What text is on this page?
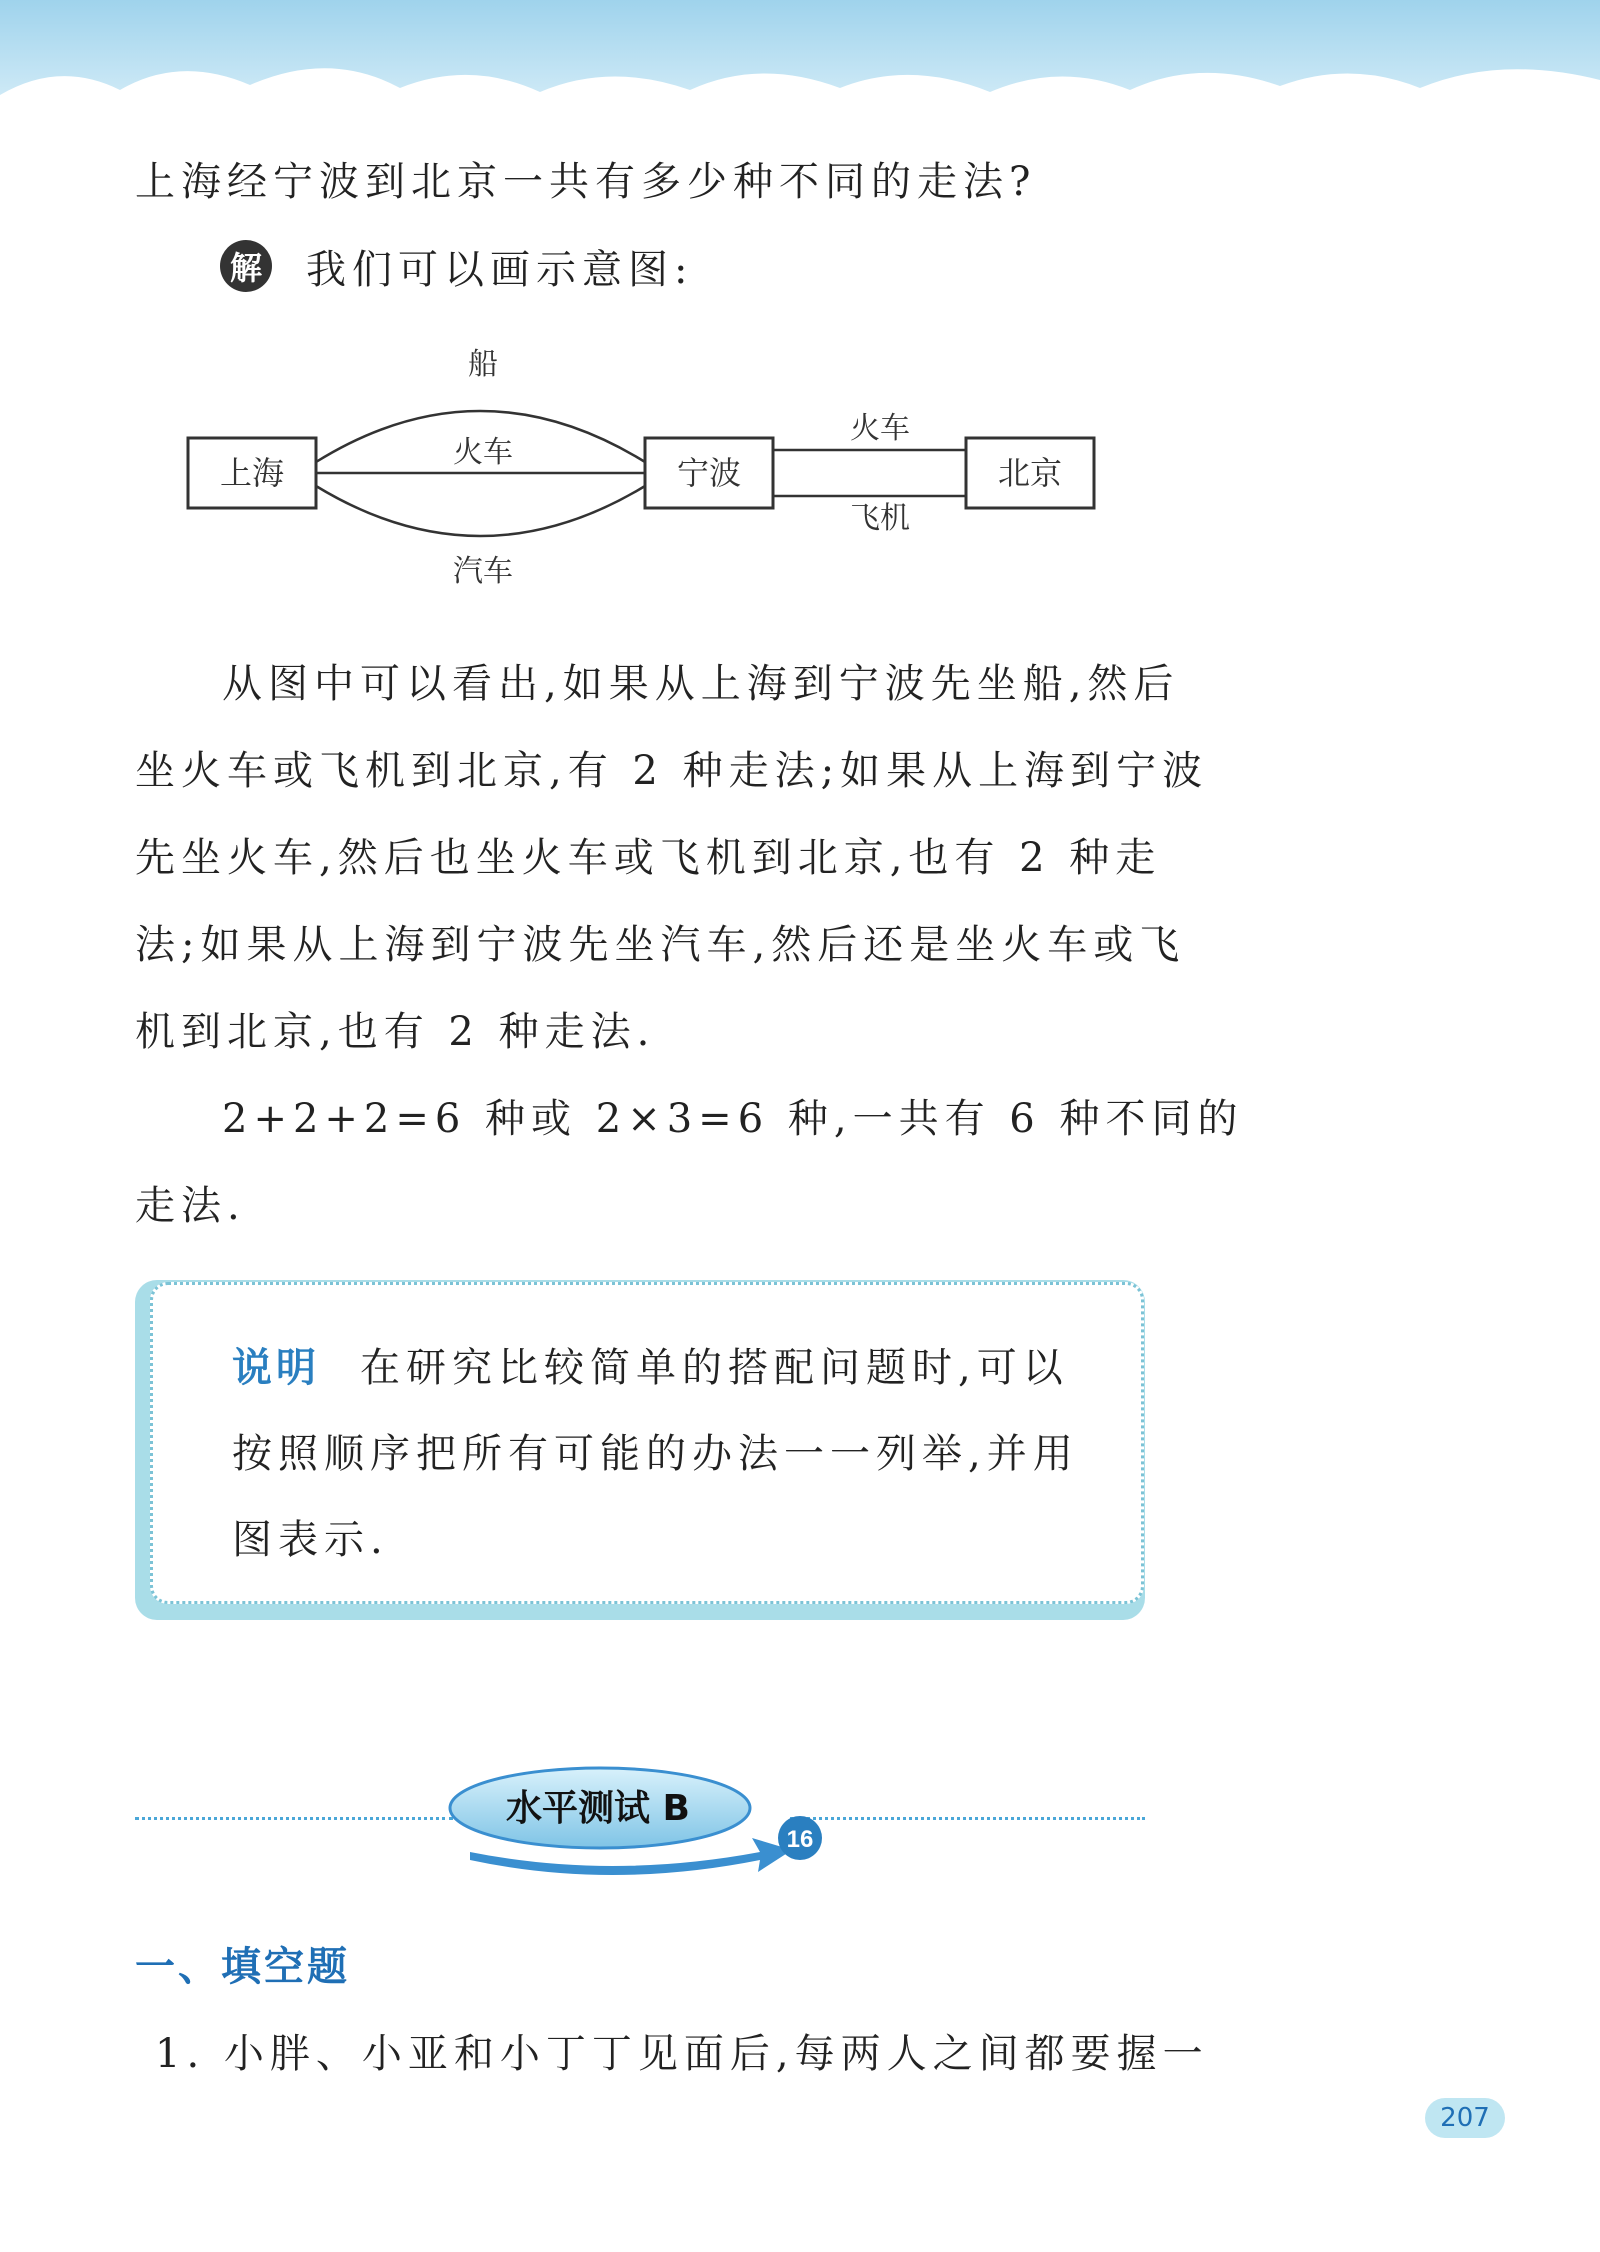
上海经宁波到北京一共有多少种不同的走法?

解 我们可以画示意图:
上海	宁波	北京
船
火车
汽车
火车
飞机

从图中可以看出,如果从上海到宁波先坐船,然后

坐火车或飞机到北京,有 2 种走法;如果从上海到宁波

先坐火车,然后也坐火车或飞机到北京,也有 2 种走

法;如果从上海到宁波先坐汽车,然后还是坐火车或飞

机到北京,也有 2 种走法.

2+2+2=6 种或 2×3=6 种,一共有 6 种不同的

走法.

说明 在研究比较简单的搭配问题时,可以

按照顺序把所有可能的办法一一列举,并用

图表示.

水平测试 B
16
一、填空题

1. 小胖、小亚和小丁丁见面后,每两人之间都要握一

207
